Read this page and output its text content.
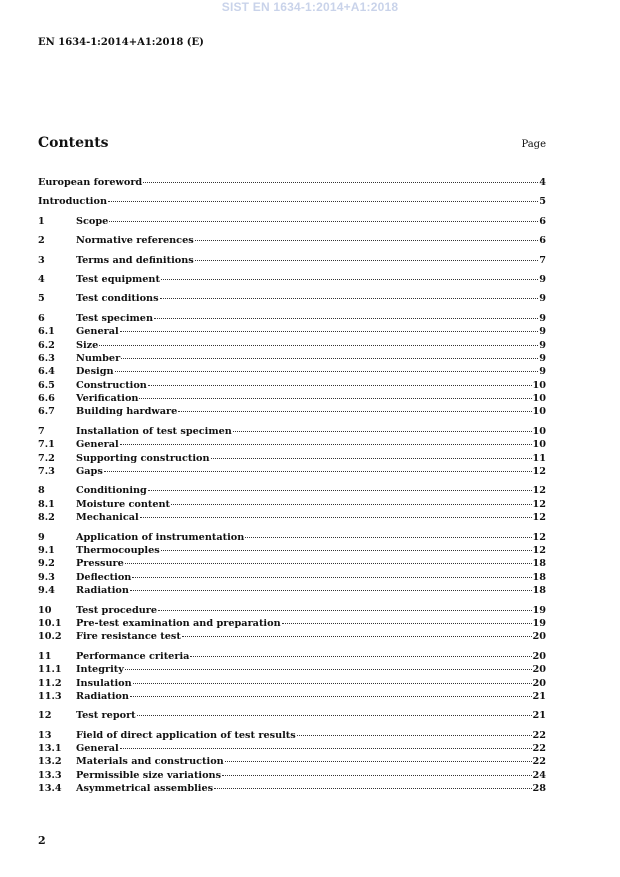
SIST EN 1634-1:2014+A1:2018
EN 1634-1:2014+A1:2018 (E)
Contents	Page
European foreword	4
Introduction	5
1	Scope	6
2	Normative references	6
3	Terms and definitions	7
4	Test equipment	9
5	Test conditions	9
6	Test specimen	9
6.1	General	9
6.2	Size	9
6.3	Number	9
6.4	Design	9
6.5	Construction	10
6.6	Verification	10
6.7	Building hardware	10
7	Installation of test specimen	10
7.1	General	10
7.2	Supporting construction	11
7.3	Gaps	12
8	Conditioning	12
8.1	Moisture content	12
8.2	Mechanical	12
9	Application of instrumentation	12
9.1	Thermocouples	12
9.2	Pressure	18
9.3	Deflection	18
9.4	Radiation	18
10	Test procedure	19
10.1	Pre-test examination and preparation	19
10.2	Fire resistance test	20
11	Performance criteria	20
11.1	Integrity	20
11.2	Insulation	20
11.3	Radiation	21
12	Test report	21
13	Field of direct application of test results	22
13.1	General	22
13.2	Materials and construction	22
13.3	Permissible size variations	24
13.4	Asymmetrical assemblies	28
2
